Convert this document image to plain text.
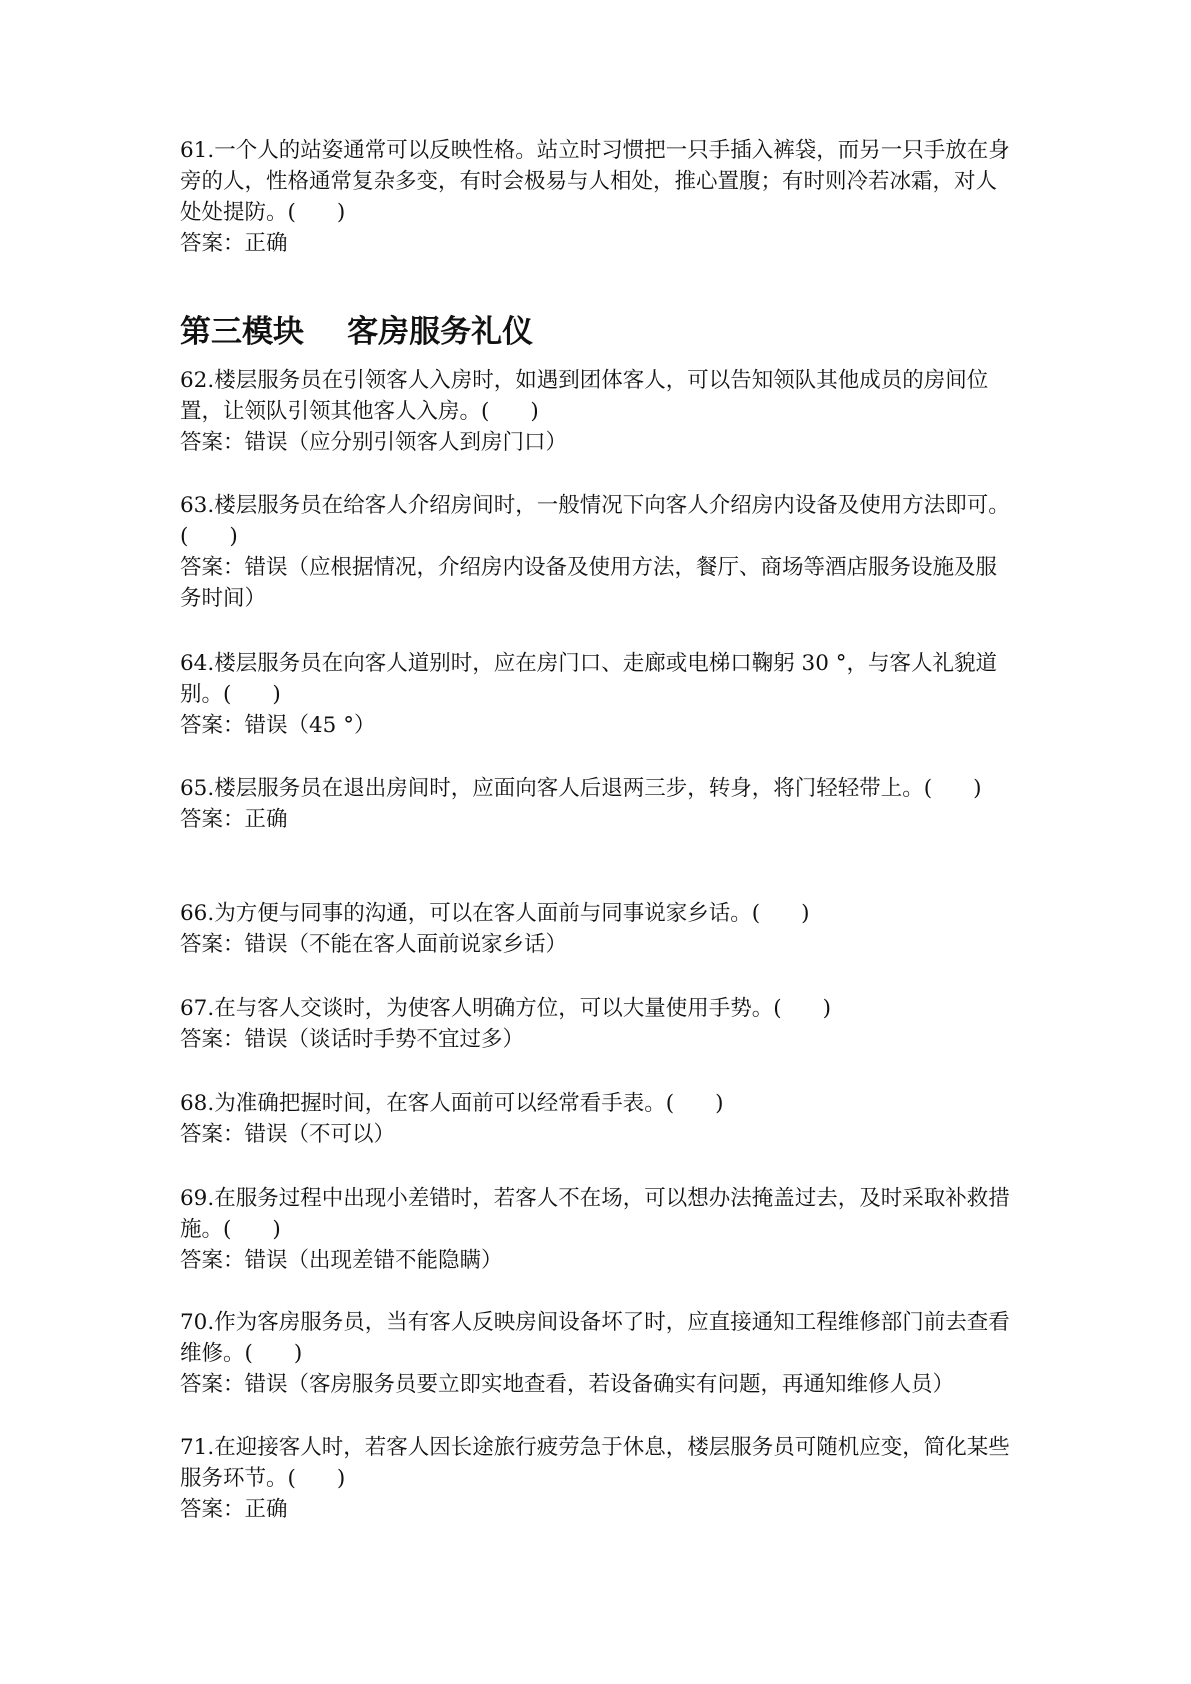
61.一个人的站姿通常可以反映性格。站立时习惯把一只手插入裤袋，而另一只手放在身旁的人，性格通常复杂多变，有时会极易与人相处，推心置腹；有时则冷若冰霜，对人处处提防。(      )

答案：正确

第三模块    客房服务礼仪

62.楼层服务员在引领客人入房时，如遇到团体客人，可以告知领队其他成员的房间位置，让领队引领其他客人入房。(      )

答案：错误（应分别引领客人到房门口）

63.楼层服务员在给客人介绍房间时，一般情况下向客人介绍房内设备及使用方法即可。(      )

答案：错误（应根据情况，介绍房内设备及使用方法，餐厅、商场等酒店服务设施及服务时间）

64.楼层服务员在向客人道别时，应在房门口、走廊或电梯口鞠躬 30 °，与客人礼貌道别。(      )

答案：错误（45 °）

65.楼层服务员在退出房间时，应面向客人后退两三步，转身，将门轻轻带上。(      )

答案：正确

66.为方便与同事的沟通，可以在客人面前与同事说家乡话。(      )

答案：错误（不能在客人面前说家乡话）

67.在与客人交谈时，为使客人明确方位，可以大量使用手势。(      )

答案：错误（谈话时手势不宜过多）

68.为准确把握时间，在客人面前可以经常看手表。(      )

答案：错误（不可以）

69.在服务过程中出现小差错时，若客人不在场，可以想办法掩盖过去，及时采取补救措施。(      )

答案：错误（出现差错不能隐瞒）

70.作为客房服务员，当有客人反映房间设备坏了时，应直接通知工程维修部门前去查看维修。(      )

答案：错误（客房服务员要立即实地查看，若设备确实有问题，再通知维修人员）

71.在迎接客人时，若客人因长途旅行疲劳急于休息，楼层服务员可随机应变，简化某些服务环节。(      )

答案：正确
